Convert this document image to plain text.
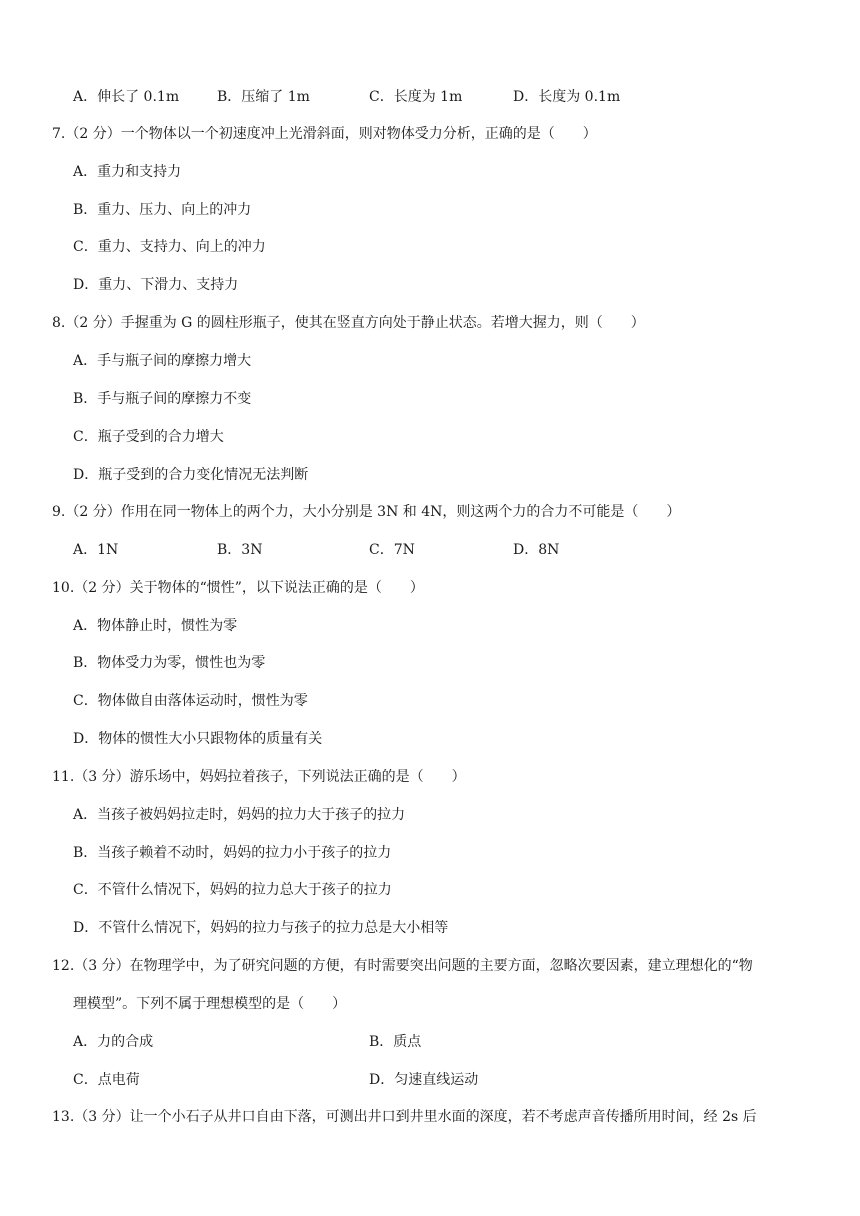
A．伸长了 0.1m	B．压缩了 1m	C．长度为 1m	D．长度为 0.1m
7.（2 分）一个物体以一个初速度冲上光滑斜面，则对物体受力分析，正确的是（　　）
A．重力和支持力
B．重力、压力、向上的冲力
C．重力、支持力、向上的冲力
D．重力、下滑力、支持力
8.（2 分）手握重为 G 的圆柱形瓶子，使其在竖直方向处于静止状态。若增大握力，则（　　）
A．手与瓶子间的摩擦力增大
B．手与瓶子间的摩擦力不变
C．瓶子受到的合力增大
D．瓶子受到的合力变化情况无法判断
9.（2 分）作用在同一物体上的两个力，大小分别是 3N 和 4N，则这两个力的合力不可能是（　　）
A．1N	B．3N	C．7N	D．8N
10.（2 分）关于物体的“惯性”，以下说法正确的是（　　）
A．物体静止时，惯性为零
B．物体受力为零，惯性也为零
C．物体做自由落体运动时，惯性为零
D．物体的惯性大小只跟物体的质量有关
11.（3 分）游乐场中，妈妈拉着孩子，下列说法正确的是（　　）
A．当孩子被妈妈拉走时，妈妈的拉力大于孩子的拉力
B．当孩子赖着不动时，妈妈的拉力小于孩子的拉力
C．不管什么情况下，妈妈的拉力总大于孩子的拉力
D．不管什么情况下，妈妈的拉力与孩子的拉力总是大小相等
12.（3 分）在物理学中，为了研究问题的方便，有时需要突出问题的主要方面，忽略次要因素，建立理想化的“物
理模型”。下列不属于理想模型的是（　　）
A．力的合成	B．质点
C．点电荷	D．匀速直线运动
13.（3 分）让一个小石子从井口自由下落，可测出井口到井里水面的深度，若不考虑声音传播所用时间，经 2s 后
